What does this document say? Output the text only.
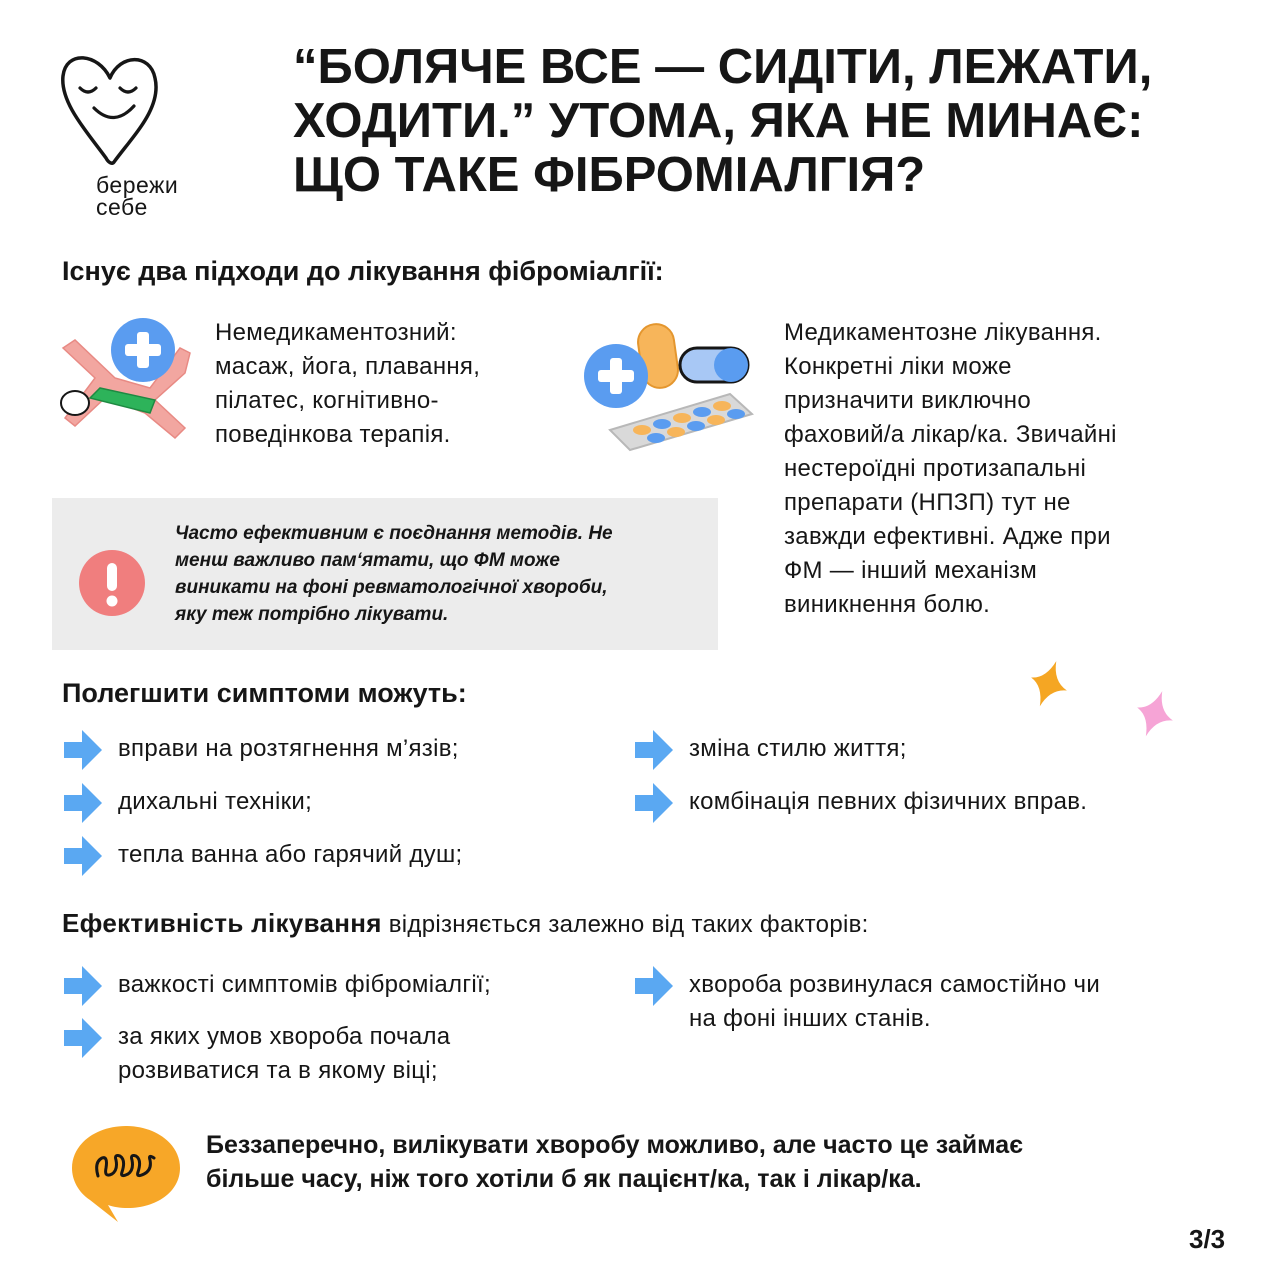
бережи
себе
“БОЛЯЧЕ ВСЕ — СИДІТИ, ЛЕЖАТИ,
ХОДИТИ.” УТОМА, ЯКА НЕ МИНАЄ:
ЩО ТАКЕ ФІБРОМІАЛГІЯ?
Існує два підходи до лікування фіброміалгії:
Немедикаментозний:
масаж, йога, плавання,
пілатес, когнітивно-
поведінкова терапія.
Медикаментозне лікування.
Конкретні ліки може
призначити виключно
фаховий/а лікар/ка. Звичайні
нестероїдні протизапальні
препарати (НПЗП) тут не
завжди ефективні. Адже при
ФМ — інший механізм
виникнення болю.
Часто ефективним є поєднання методів. Не
менш важливо пам‘ятати, що ФМ може
виникати на фоні ревматологічної хвороби,
яку теж потрібно лікувати.
Полегшити симптоми можуть:
вправи на розтягнення м’язів;
дихальні техніки;
тепла ванна або гарячий душ;
зміна стилю життя;
комбінація певних фізичних вправ.
Ефективність лікування відрізняється залежно від таких факторів:
важкості симптомів фіброміалгії;
за яких умов хвороба почала
розвиватися та в якому віці;
хвороба розвинулася самостійно чи
на фоні інших станів.
Беззаперечно, вилікувати хворобу можливо, але часто це займає
більше часу, ніж того хотіли б як пацієнт/ка, так і лікар/ка.
3/3
